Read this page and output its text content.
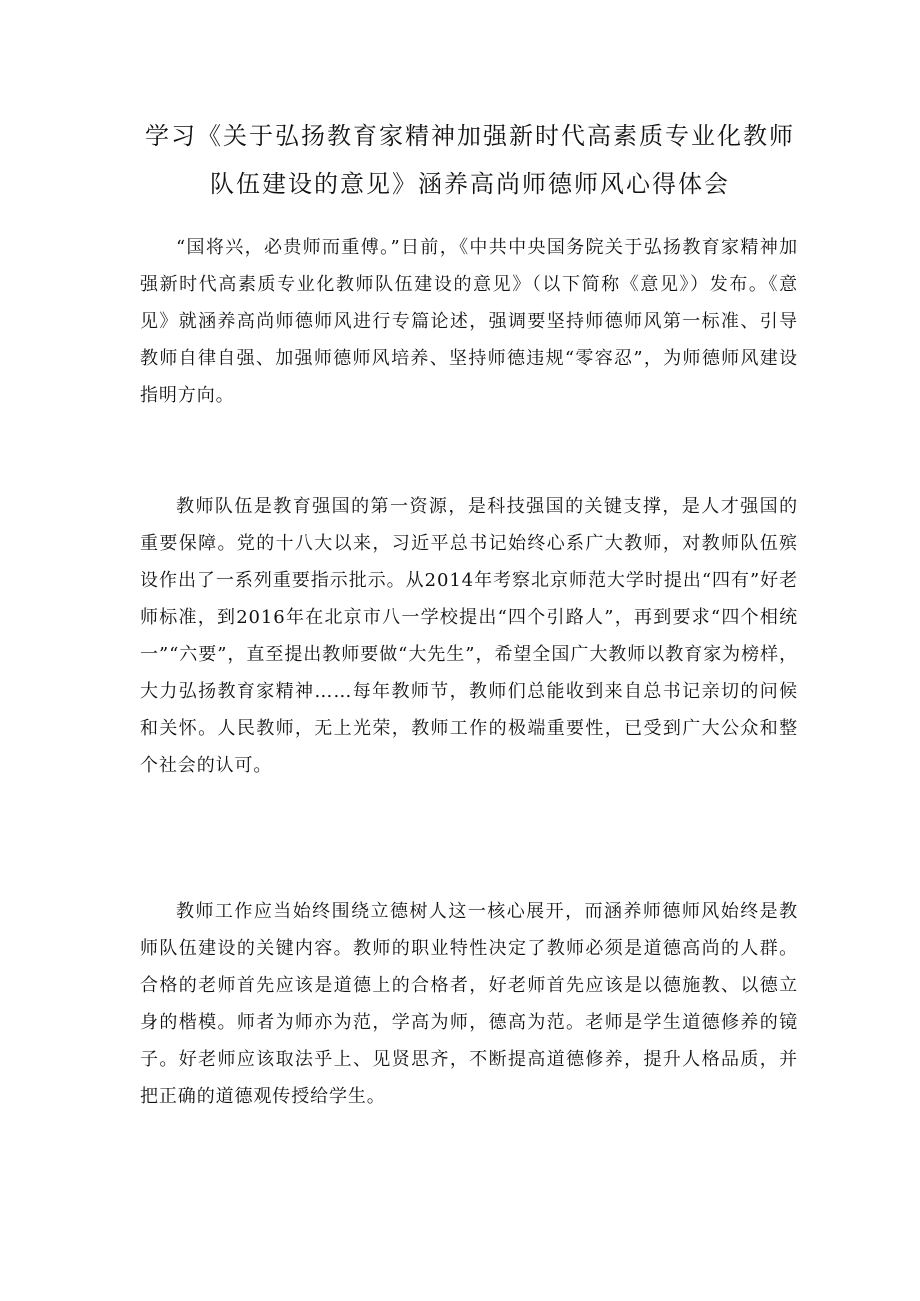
学习《关于弘扬教育家精神加强新时代高素质专业化教师
队伍建设的意见》涵养高尚师德师风心得体会

“国将兴，必贵师而重傅。”日前，《中共中央国务院关于弘扬教育家精神加强新时代高素质专业化教师队伍建设的意见》（以下简称《意见》）发布。《意见》就涵养高尚师德师风进行专篇论述，强调要坚持师德师风第一标准、引导教师自律自强、加强师德师风培养、坚持师德违规“零容忍”，为师德师风建设指明方向。

教师队伍是教育强国的第一资源，是科技强国的关键支撑，是人才强国的重要保障。党的十八大以来，习近平总书记始终心系广大教师，对教师队伍殡设作出了一系列重要指示批示。从2014年考察北京师范大学时提出“四有”好老师标准，到2016年在北京市八一学校提出“四个引路人”，再到要求“四个相统一”“六要”，直至提出教师要做“大先生”，希望全国广大教师以教育家为榜样，大力弘扬教育家精神……每年教师节，教师们总能收到来自总书记亲切的问候和关怀。人民教师，无上光荣，教师工作的极端重要性，已受到广大公众和整个社会的认可。

教师工作应当始终围绕立德树人这一核心展开，而涵养师德师风始终是教师队伍建设的关键内容。教师的职业特性决定了教师必须是道德高尚的人群。合格的老师首先应该是道德上的合格者，好老师首先应该是以德施教、以德立身的楷模。师者为师亦为范，学高为师，德高为范。老师是学生道德修养的镜子。好老师应该取法乎上、见贤思齐，不断提高道德修养，提升人格品质，并把正确的道德观传授给学生。
